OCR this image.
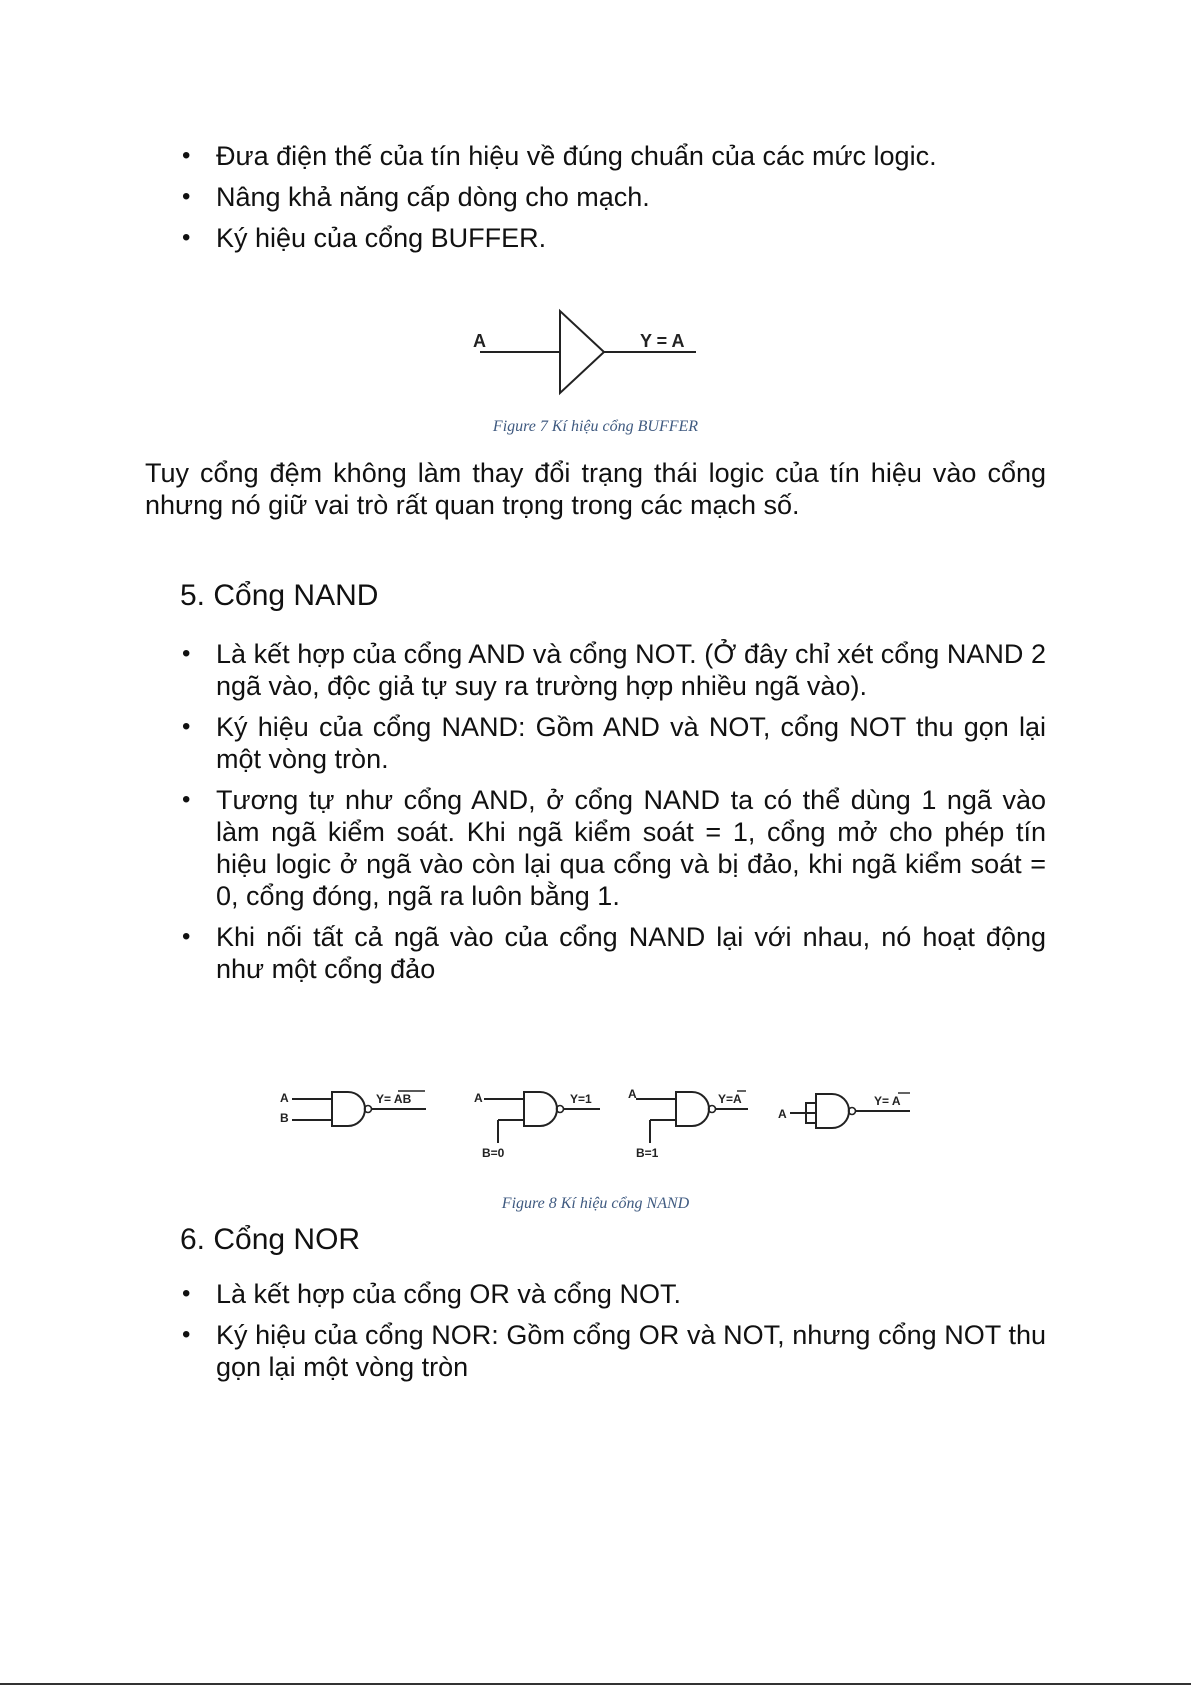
• Đưa điện thế của tín hiệu về đúng chuẩn của các mức logic.
• Nâng khả năng cấp dòng cho mạch.
• Ký hiệu của cổng BUFFER.
A	Y = A
Figure 7 Kí hiệu cổng BUFFER

Tuy cổng đệm không làm thay đổi trạng thái logic của tín hiệu vào cổng nhưng nó giữ vai trò rất quan trọng trong các mạch số.

5. Cổng NAND
• Là kết hợp của cổng AND và cổng NOT. (Ở đây chỉ xét cổng NAND 2 ngã vào, độc giả tự suy ra trường hợp nhiều ngã vào).
• Ký hiệu của cổng NAND: Gồm AND và NOT, cổng NOT thu gọn lại một vòng tròn.
• Tương tự như cổng AND, ở cổng NAND ta có thể dùng 1 ngã vào làm ngã kiểm soát. Khi ngã kiểm soát = 1, cổng mở cho phép tín hiệu logic ở ngã vào còn lại qua cổng và bị đảo, khi ngã kiểm soát = 0, cổng đóng, ngã ra luôn bằng 1.
• Khi nối tất cả ngã vào của cổng NAND lại với nhau, nó hoạt động như một cổng đảo
A
B
Y= AB	A	Y=1
B=0
A	Y=A
B=1
A
Y= A
Figure 8 Kí hiệu cổng NAND
6. Cổng NOR
• Là kết hợp của cổng OR và cổng NOT.
• Ký hiệu của cổng NOR: Gồm cổng OR và NOT, nhưng cổng NOT thu gọn lại một vòng tròn
